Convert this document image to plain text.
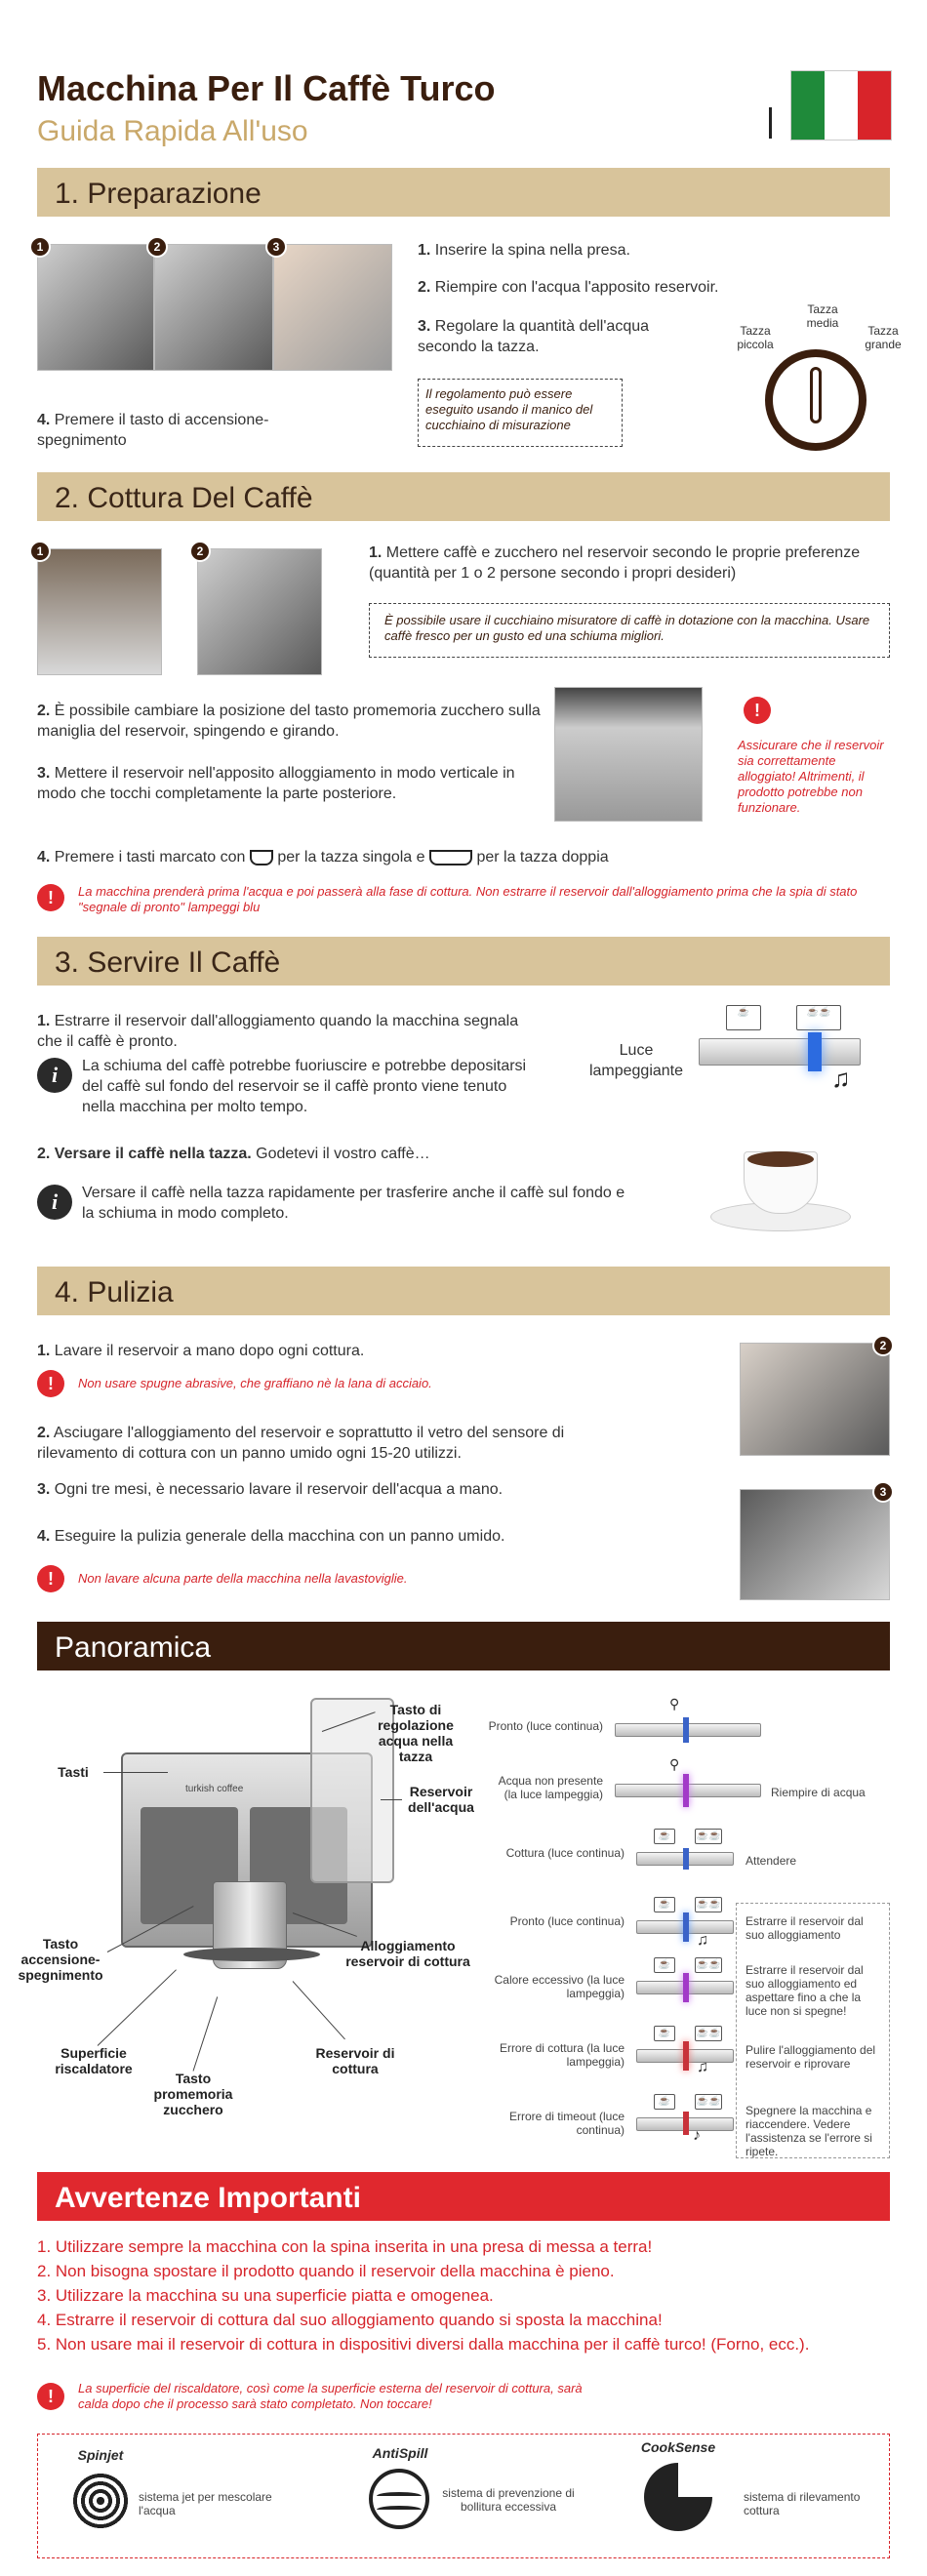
Macchina Per Il Caffè Turco
Guida Rapida All'uso
1. Preparazione
1	2	3	1. Inserire la spina nella presa.
2. Riempire con l'acqua l'apposito reservoir.
3. Regolare la quantità dell'acqua secondo la tazza.
Il regolamento può essere eseguito usando il manico del cucchiaino di misurazione
4. Premere il tasto di accensione-spegnimento
Tazza piccola
Tazza media
Tazza grande
2. Cottura Del Caffè
1	2	1. Mettere caffè e zucchero nel reservoir secondo le proprie preferenze (quantità per 1 o 2 persone secondo i propri desideri)
È possibile usare il cucchiaino misuratore di caffè in dotazione con la macchina. Usare caffè fresco per un gusto ed una schiuma migliori.
2. È possibile cambiare la posizione del tasto promemoria zucchero sulla maniglia del reservoir, spingendo e girando.
3. Mettere il reservoir nell'apposito alloggiamento in modo verticale in modo che tocchi completamente la parte posteriore.
!
Assicurare che il reservoir sia correttamente alloggiato! Altrimenti, il prodotto potrebbe non funzionare.
4. Premere i tasti marcato con per la tazza singola e	per la tazza doppia
!	La macchina prenderà prima l'acqua e poi passerà alla fase di cottura. Non estrarre il reservoir dall'alloggiamento prima che la spia di stato "segnale di pronto" lampeggi blu
3. Servire Il Caffè
1. Estrarre il reservoir dall'alloggiamento quando la macchina segnala che il caffè è pronto.
i	La schiuma del caffè potrebbe fuoriuscire e potrebbe depositarsi del caffè sul fondo del reservoir se il caffè pronto viene tenuto nella macchina per molto tempo.
Luce lampeggiante
☕	☕☕
♫
2. Versare il caffè nella tazza. Godetevi il vostro caffè…
i	Versare il caffè nella tazza rapidamente per trasferire anche il caffè sul fondo e la schiuma in modo completo.
4. Pulizia
1. Lavare il reservoir a mano dopo ogni cottura.
!	Non usare spugne abrasive, che graffiano nè la lana di acciaio.
2. Asciugare l'alloggiamento del reservoir e soprattutto il vetro del sensore di rilevamento di cottura con un panno umido ogni 15-20 utilizzi.
3. Ogni tre mesi, è necessario lavare il reservoir dell'acqua a mano.
4. Eseguire la pulizia generale della macchina con un panno umido.
!	Non lavare alcuna parte della macchina nella lavastoviglie.
2
3
Panoramica
turkish coffee
Tasti
Tasto di regolazione acqua nella tazza
Reservoir dell'acqua
Tasto accensione-spegnimento
Alloggiamento reservoir di cottura
Superficie riscaldatore
Tasto promemoria zucchero
Reservoir di cottura
Pronto (luce continua)
⚲
Acqua non presente (la luce lampeggia)
⚲
Riempire di acqua
☕	☕☕
Cottura (luce continua)
Attendere
☕	☕☕
Pronto (luce continua)
♫
Estrarre il reservoir dal suo alloggiamento
☕	☕☕
Calore eccessivo (la luce lampeggia)
Estrarre il reservoir dal suo alloggiamento ed aspettare fino a che la luce non si spegne!
☕	☕☕
Errore di cottura (la luce lampeggia)	♫
Pulire l'alloggiamento del reservoir e riprovare
☕	☕☕
Errore di timeout (luce continua)	♪
Spegnere la macchina e riaccendere. Vedere l'assistenza se l'errore si ripete.
Avvertenze Importanti
1. Utilizzare sempre la macchina con la spina inserita in una presa di messa a terra!
2. Non bisogna spostare il prodotto quando il reservoir della macchina è pieno.
3. Utilizzare la macchina su una superficie piatta e omogenea.
4. Estrarre il reservoir di cottura dal suo alloggiamento quando si sposta la macchina!
5. Non usare mai il reservoir di cottura in dispositivi diversi dalla macchina per il caffè turco! (Forno, ecc.).
!	La superficie del riscaldatore, così come la superficie esterna del reservoir di cottura, sarà calda dopo che il processo sarà stato completato. Non toccare!
Spinjet
sistema jet per mescolare l'acqua
AntiSpill
sistema di prevenzione di bollitura eccessiva
CookSense
sistema di rilevamento cottura
